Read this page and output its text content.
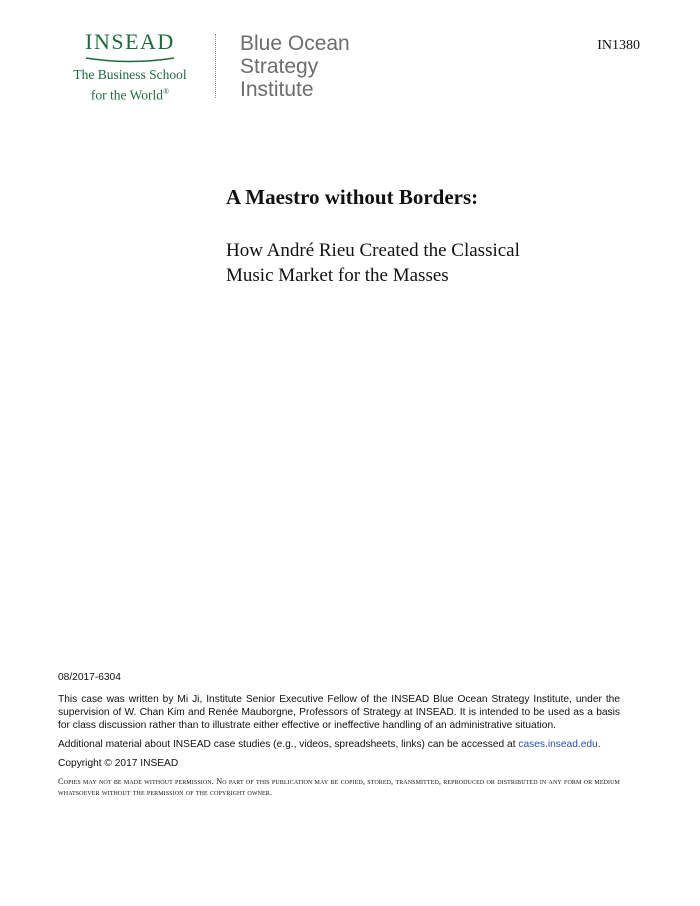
INSEAD
The Business School
for the World®
Blue Ocean
Strategy
Institute
IN1380
A Maestro without Borders:
How André Rieu Created the Classical
Music Market for the Masses

08/2017-6304

This case was written by Mi Ji, Institute Senior Executive Fellow of the INSEAD Blue Ocean Strategy Institute, under the supervision of W. Chan Kim and Renée Mauborgne, Professors of Strategy at INSEAD. It is intended to be used as a basis for class discussion rather than to illustrate either effective or ineffective handling of an administrative situation.

Additional material about INSEAD case studies (e.g., videos, spreadsheets, links) can be accessed at cases.insead.edu.

Copyright © 2017 INSEAD

Copies may not be made without permission. No part of this publication may be copied, stored, transmitted, reproduced or distributed in any form or medium whatsoever without the permission of the copyright owner.
